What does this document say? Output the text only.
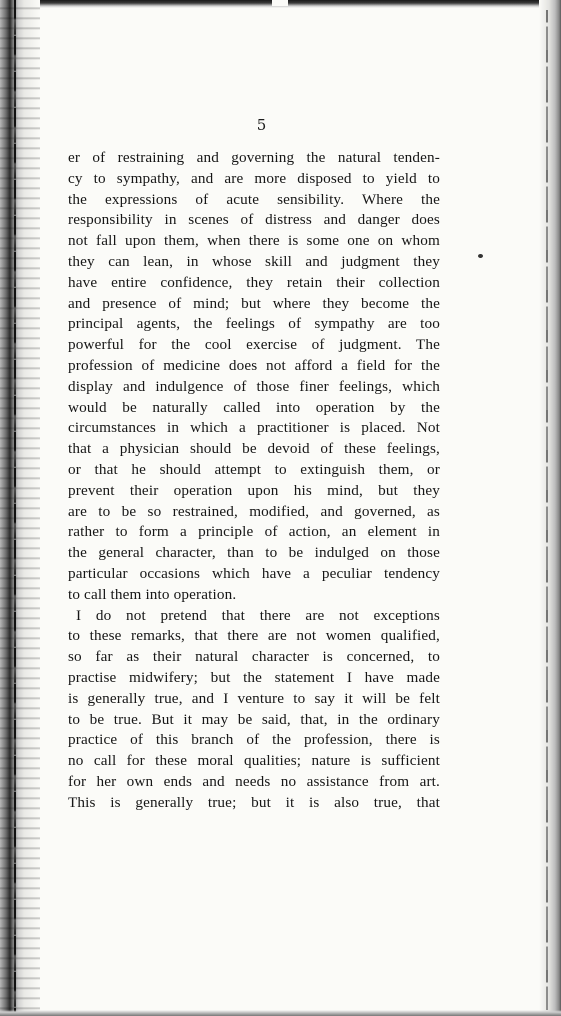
5
er of restraining and governing the natural tenden-
cy to sympathy, and are more disposed to yield to
the expressions of acute sensibility. Where the
responsibility in scenes of distress and danger does
not fall upon them, when there is some one on whom
they can lean, in whose skill and judgment they
have entire confidence, they retain their collection
and presence of mind; but where they become the
principal agents, the feelings of sympathy are too
powerful for the cool exercise of judgment. The
profession of medicine does not afford a field for the
display and indulgence of those finer feelings, which
would be naturally called into operation by the
circumstances in which a practitioner is placed. Not
that a physician should be devoid of these feelings,
or that he should attempt to extinguish them, or
prevent their operation upon his mind, but they
are to be so restrained, modified, and governed, as
rather to form a principle of action, an element in
the general character, than to be indulged on those
particular occasions which have a peculiar tendency
to call them into operation.
I do not pretend that there are not exceptions
to these remarks, that there are not women qualified,
so far as their natural character is concerned, to
practise midwifery; but the statement I have made
is generally true, and I venture to say it will be felt
to be true. But it may be said, that, in the ordinary
practice of this branch of the profession, there is
no call for these moral qualities; nature is sufficient
for her own ends and needs no assistance from art.
This is generally true; but it is also true, that
